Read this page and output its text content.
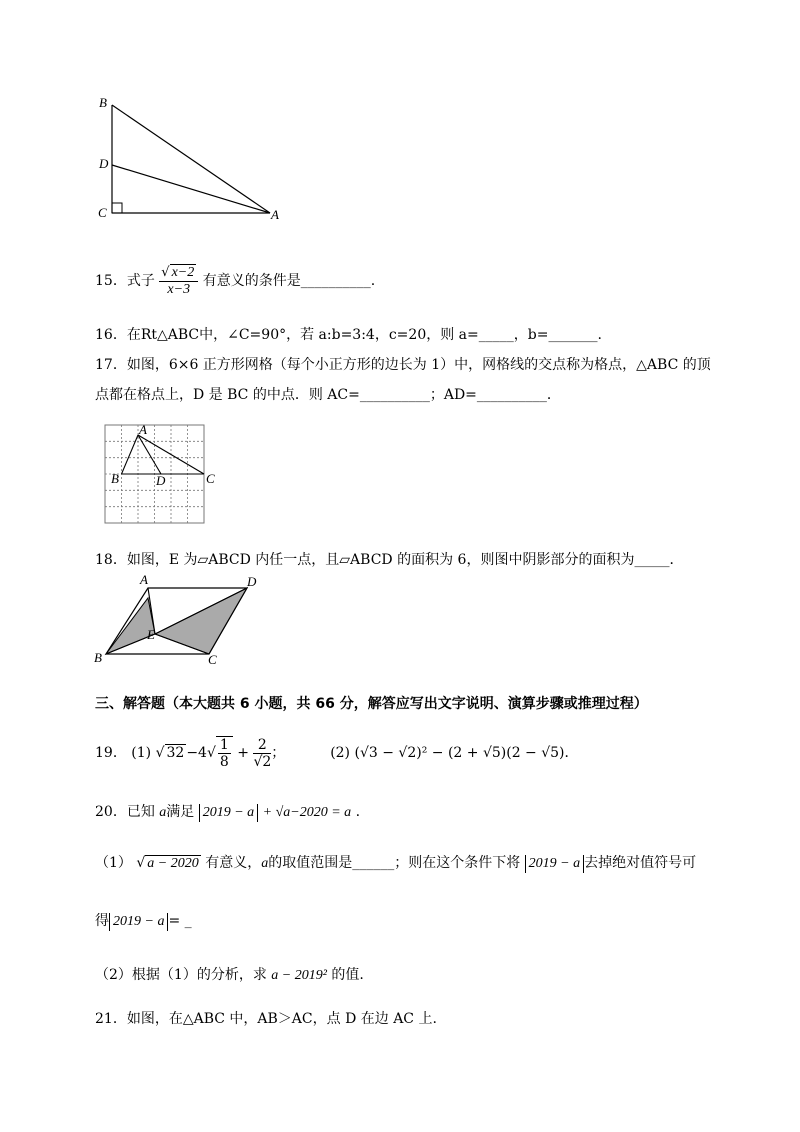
B
D
C	A
15．式子 $\frac{√ x-2}{x-3}$ 有意义的条件是__________.
16．在Rt△ABC中，∠C=90°，若 a:b=3:4，c=20，则 a=_____，b=_______.
17．如图，6×6 正方形网格（每个小正方形的边长为 1）中，网格线的交点称为格点，△ABC 的顶
点都在格点上，D 是 BC 的中点．则 AC=__________；AD=__________．
A
B	D	C
18．如图，E 为▱ABCD 内任一点，且▱ABCD 的面积为 6，则图中阴影部分的面积为_____．
A	D
E
B	C
三、解答题（本大题共 6 小题，共 66 分，解答应写出文字说明、演算步骤或推理过程）
19． (1) √ $32 -4√ \frac{1}{8} + \frac{2}{√2}$ ；	(2) (√3 − √2)² − (2 + √5)(2 − √5)．
20．已知 a满足 2019 − a + √a−2020 = a .
（1） √ a − 2020 有意义，a的取值范围是______；则在这个条件下将 2019 − a 去掉绝对值符号可
得 2019 − a = _
（2）根据（1）的分析，求 a − 2019² 的值.
21．如图，在△ABC 中，AB＞AC，点 D 在边 AC 上.
